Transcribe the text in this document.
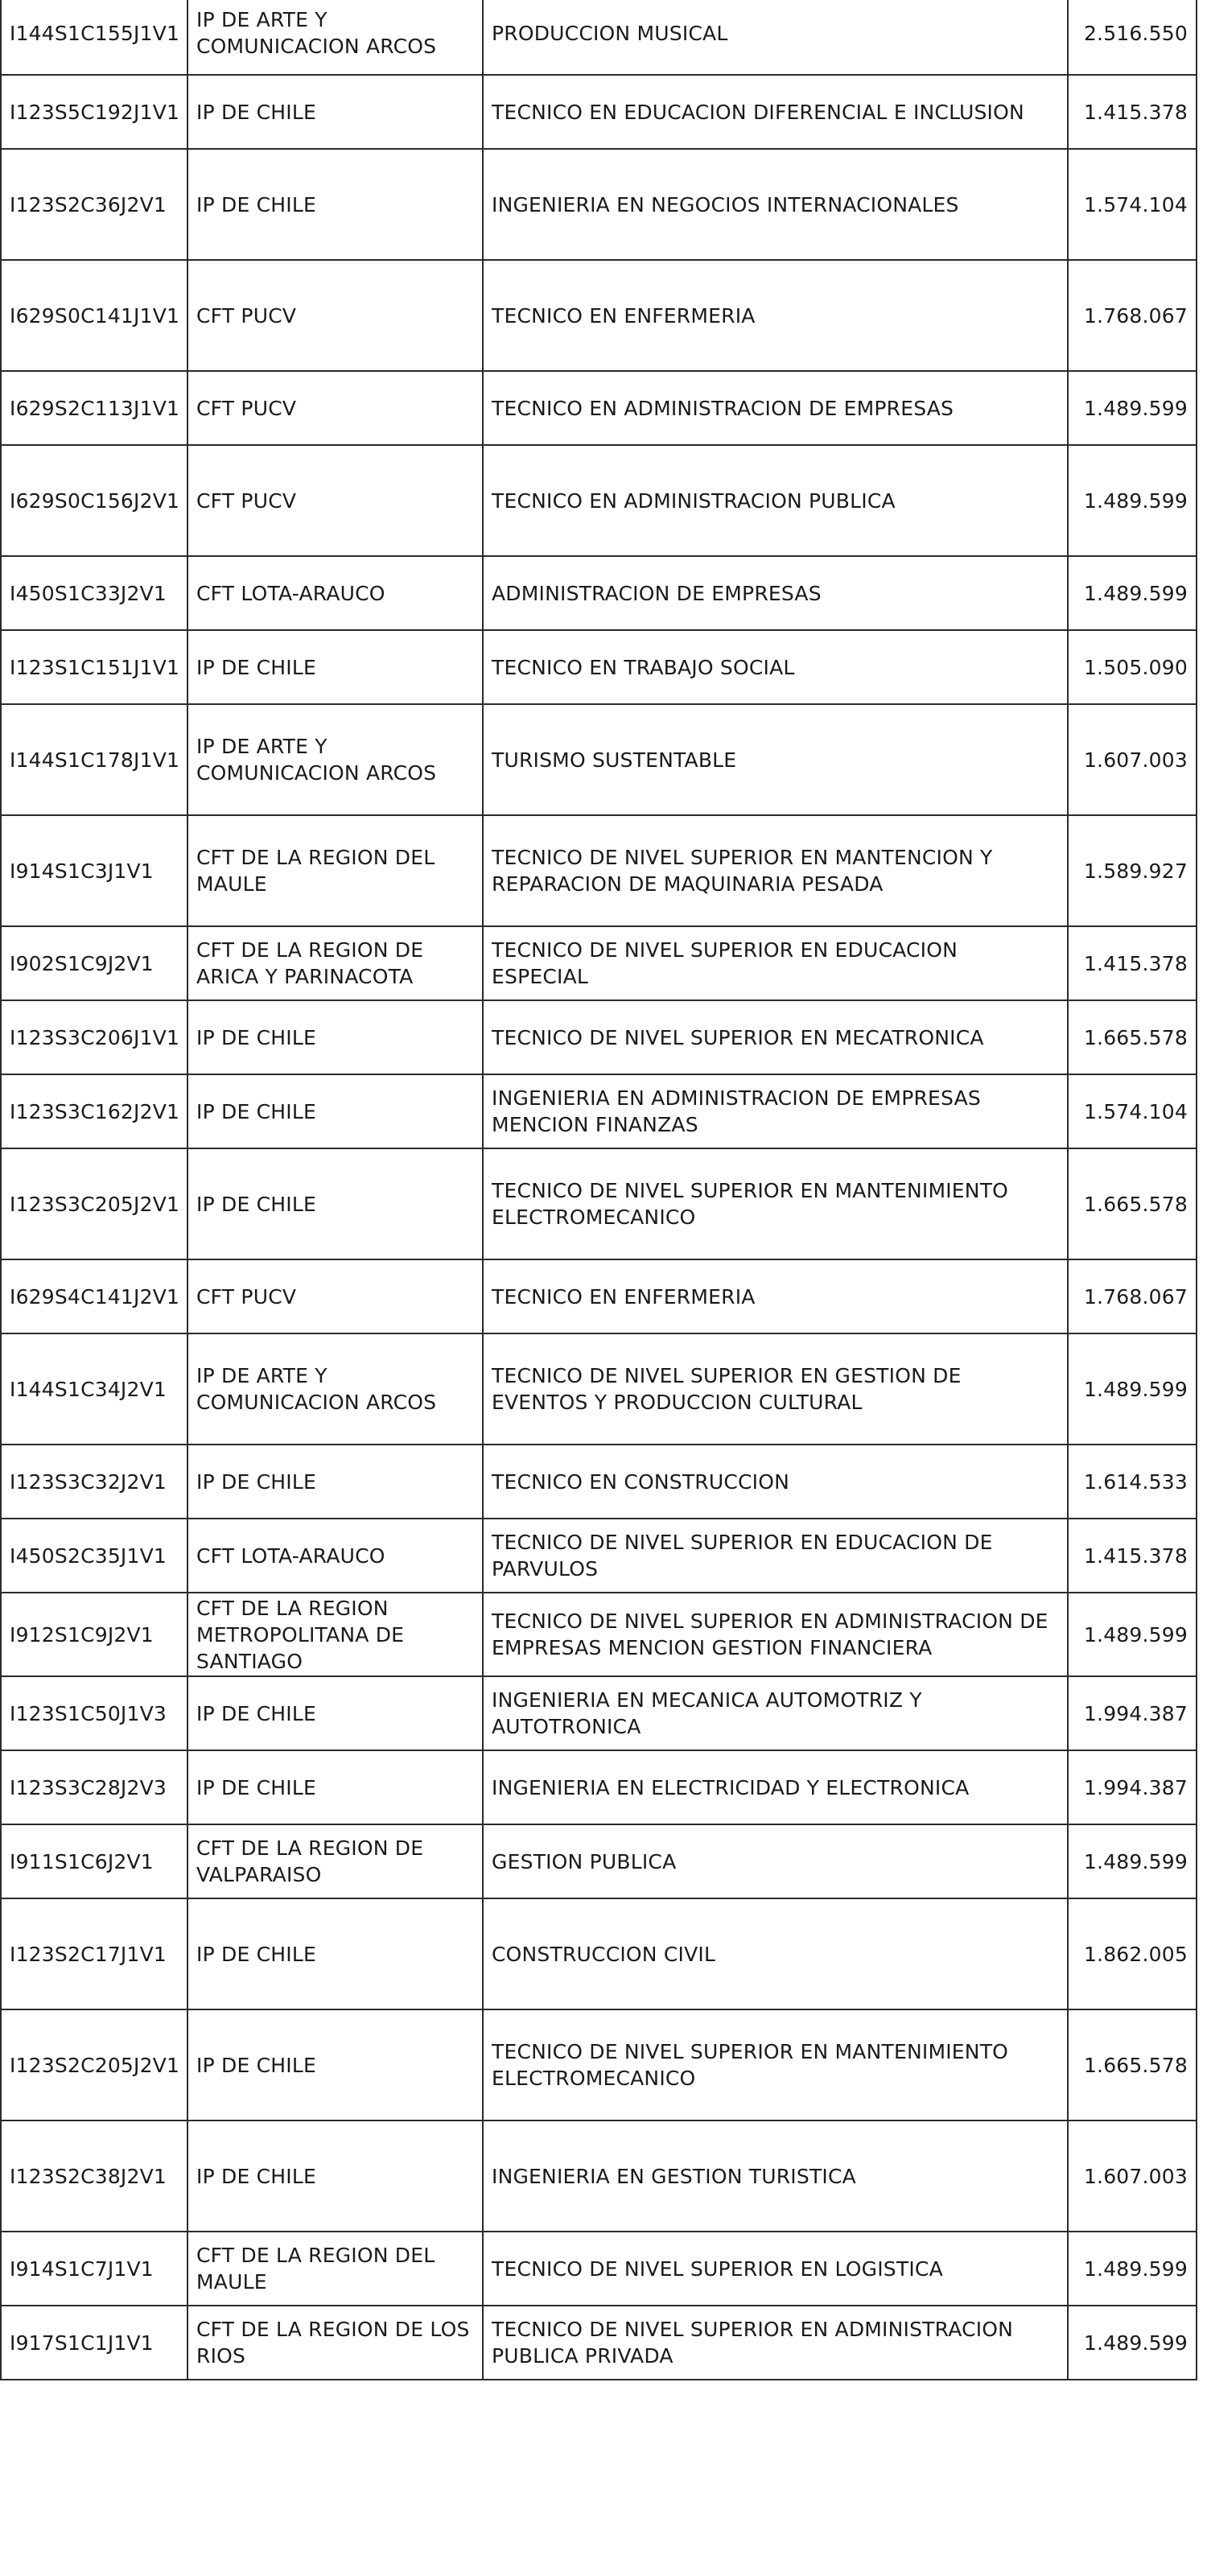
I144S1C155J1V1	IP DE ARTE Y COMUNICACION ARCOS	PRODUCCION MUSICAL	2.516.550
I123S5C192J1V1	IP DE CHILE	TECNICO EN EDUCACION DIFERENCIAL E INCLUSION	1.415.378
I123S2C36J2V1	IP DE CHILE	INGENIERIA EN NEGOCIOS INTERNACIONALES	1.574.104
I629S0C141J1V1	CFT PUCV	TECNICO EN ENFERMERIA	1.768.067
I629S2C113J1V1	CFT PUCV	TECNICO EN ADMINISTRACION DE EMPRESAS	1.489.599
I629S0C156J2V1	CFT PUCV	TECNICO EN ADMINISTRACION PUBLICA	1.489.599
I450S1C33J2V1	CFT LOTA-ARAUCO	ADMINISTRACION DE EMPRESAS	1.489.599
I123S1C151J1V1	IP DE CHILE	TECNICO EN TRABAJO SOCIAL	1.505.090
I144S1C178J1V1	IP DE ARTE Y COMUNICACION ARCOS	TURISMO SUSTENTABLE	1.607.003
I914S1C3J1V1	CFT DE LA REGION DEL MAULE	TECNICO DE NIVEL SUPERIOR EN MANTENCION Y REPARACION DE MAQUINARIA PESADA	1.589.927
I902S1C9J2V1	CFT DE LA REGION DE ARICA Y PARINACOTA	TECNICO DE NIVEL SUPERIOR EN EDUCACION ESPECIAL	1.415.378
I123S3C206J1V1	IP DE CHILE	TECNICO DE NIVEL SUPERIOR EN MECATRONICA	1.665.578
I123S3C162J2V1	IP DE CHILE	INGENIERIA EN ADMINISTRACION DE EMPRESAS MENCION FINANZAS	1.574.104
I123S3C205J2V1	IP DE CHILE	TECNICO DE NIVEL SUPERIOR EN MANTENIMIENTO ELECTROMECANICO	1.665.578
I629S4C141J2V1	CFT PUCV	TECNICO EN ENFERMERIA	1.768.067
I144S1C34J2V1	IP DE ARTE Y COMUNICACION ARCOS	TECNICO DE NIVEL SUPERIOR EN GESTION DE EVENTOS Y PRODUCCION CULTURAL	1.489.599
I123S3C32J2V1	IP DE CHILE	TECNICO EN CONSTRUCCION	1.614.533
I450S2C35J1V1	CFT LOTA-ARAUCO	TECNICO DE NIVEL SUPERIOR EN EDUCACION DE PARVULOS	1.415.378
I912S1C9J2V1	CFT DE LA REGION METROPOLITANA DE SANTIAGO	TECNICO DE NIVEL SUPERIOR EN ADMINISTRACION DE EMPRESAS MENCION GESTION FINANCIERA	1.489.599
I123S1C50J1V3	IP DE CHILE	INGENIERIA EN MECANICA AUTOMOTRIZ Y AUTOTRONICA	1.994.387
I123S3C28J2V3	IP DE CHILE	INGENIERIA EN ELECTRICIDAD Y ELECTRONICA	1.994.387
I911S1C6J2V1	CFT DE LA REGION DE VALPARAISO	GESTION PUBLICA	1.489.599
I123S2C17J1V1	IP DE CHILE	CONSTRUCCION CIVIL	1.862.005
I123S2C205J2V1	IP DE CHILE	TECNICO DE NIVEL SUPERIOR EN MANTENIMIENTO ELECTROMECANICO	1.665.578
I123S2C38J2V1	IP DE CHILE	INGENIERIA EN GESTION TURISTICA	1.607.003
I914S1C7J1V1	CFT DE LA REGION DEL MAULE	TECNICO DE NIVEL SUPERIOR EN LOGISTICA	1.489.599
I917S1C1J1V1	CFT DE LA REGION DE LOS RIOS	TECNICO DE NIVEL SUPERIOR EN ADMINISTRACION PUBLICA PRIVADA	1.489.599
